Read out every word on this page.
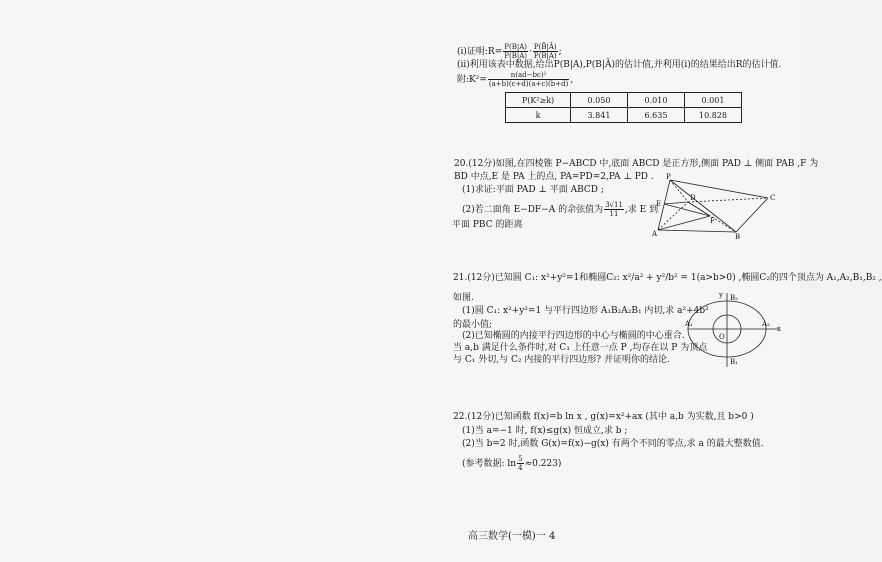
(i)证明:R= $\frac{P(B|A)}{P(B̄|A)} \cdot \frac{P(B̄|Ā)}{P(B|Ā)}$ ;
(ii)利用该表中数据,给出P(B|A),P(B|Ā)的估计值,并利用(i)的结果给出R的估计值.
附:K²= $\frac{\text{n(ad−bc)²}}{(a+b)(c+d)(a+c)(b+d)}$ ,
P(K²≥k)	0.050	0.010	0.001
k	3.841	6.635	10.828
20.(12分)如图,在四棱锥 P−ABCD 中,底面 ABCD 是正方形,侧面 PAD ⊥ 侧面 PAB ,F 为
BD 中点,E 是 PA 上的点, PA=PD=2,PA ⊥ PD .
(1)求证:平面 PAD ⊥ 平面 ABCD ;
(2)若二面角 E−DF−A 的余弦值为 $\frac{3√11}{11}$ ,求 E 到
平面 PBC 的距离
P
E
D
F
C
A	B
21.(12分)已知圆 C₁: x²+y²=1和椭圆C₂: x²/a² + y²/b² = 1(a>b>0) ,椭圆C₂的四个顶点为 A₁,A₂,B₁,B₂ ,
如图.
(1)圆 C₁: x²+y²=1 与平行四边形 A₁B₂A₂B₁ 内切,求 a²+4b²
的最小值;
(2)已知椭圆的内接平行四边形的中心与椭圆的中心重合.
当 a,b 满足什么条件时,对 C₁ 上任意一点 P ,均存在以 P 为顶点
与 C₁ 外切,与 C₂ 内接的平行四边形? 并证明你的结论.
y B₂
A₁
O
A₂
x
B₁
22.(12分)已知函数 f(x)=b ln x , g(x)=x²+ax (其中 a,b 为实数,且 b>0 )
(1)当 a=−1 时, f(x)≤g(x) 恒成立,求 b ;
(2)当 b=2 时,函数 G(x)=f(x)−g(x) 有两个不同的零点,求 a 的最大整数值.
(参考数据: $\ln \frac{5}{4} \approx 0.223$)
高三数学(一模)一 4
